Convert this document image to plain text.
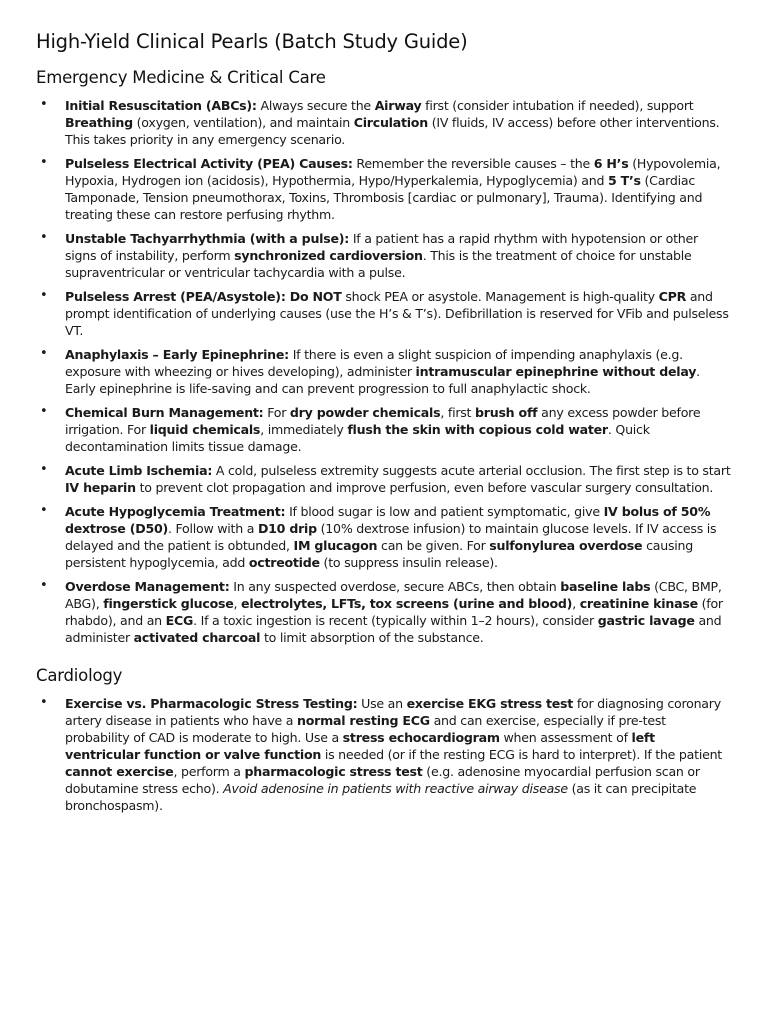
High-Yield Clinical Pearls (Batch Study Guide)
Emergency Medicine & Critical Care
• Initial Resuscitation (ABCs): Always secure the Airway first (consider intubation if needed), support Breathing (oxygen, ventilation), and maintain Circulation (IV fluids, IV access) before other interventions. This takes priority in any emergency scenario.
• Pulseless Electrical Activity (PEA) Causes: Remember the reversible causes – the 6 H’s (Hypovolemia, Hypoxia, Hydrogen ion (acidosis), Hypothermia, Hypo/Hyperkalemia, Hypoglycemia) and 5 T’s (Cardiac Tamponade, Tension pneumothorax, Toxins, Thrombosis [cardiac or pulmonary], Trauma). Identifying and treating these can restore perfusing rhythm.
• Unstable Tachyarrhythmia (with a pulse): If a patient has a rapid rhythm with hypotension or other signs of instability, perform synchronized cardioversion. This is the treatment of choice for unstable supraventricular or ventricular tachycardia with a pulse.
• Pulseless Arrest (PEA/Asystole): Do NOT shock PEA or asystole. Management is high-quality CPR and prompt identification of underlying causes (use the H’s & T’s). Defibrillation is reserved for VFib and pulseless VT.
• Anaphylaxis – Early Epinephrine: If there is even a slight suspicion of impending anaphylaxis (e.g. exposure with wheezing or hives developing), administer intramuscular epinephrine without delay. Early epinephrine is life-saving and can prevent progression to full anaphylactic shock.
• Chemical Burn Management: For dry powder chemicals, first brush off any excess powder before irrigation. For liquid chemicals, immediately flush the skin with copious cold water. Quick decontamination limits tissue damage.
• Acute Limb Ischemia: A cold, pulseless extremity suggests acute arterial occlusion. The first step is to start IV heparin to prevent clot propagation and improve perfusion, even before vascular surgery consultation.
• Acute Hypoglycemia Treatment: If blood sugar is low and patient symptomatic, give IV bolus of 50% dextrose (D50). Follow with a D10 drip (10% dextrose infusion) to maintain glucose levels. If IV access is delayed and the patient is obtunded, IM glucagon can be given. For sulfonylurea overdose causing persistent hypoglycemia, add octreotide (to suppress insulin release).
• Overdose Management: In any suspected overdose, secure ABCs, then obtain baseline labs (CBC, BMP, ABG), fingerstick glucose, electrolytes, LFTs, tox screens (urine and blood), creatinine kinase (for rhabdo), and an ECG. If a toxic ingestion is recent (typically within 1–2 hours), consider gastric lavage and administer activated charcoal to limit absorption of the substance.
Cardiology
• Exercise vs. Pharmacologic Stress Testing: Use an exercise EKG stress test for diagnosing coronary artery disease in patients who have a normal resting ECG and can exercise, especially if pre-test probability of CAD is moderate to high. Use a stress echocardiogram when assessment of left ventricular function or valve function is needed (or if the resting ECG is hard to interpret). If the patient cannot exercise, perform a pharmacologic stress test (e.g. adenosine myocardial perfusion scan or dobutamine stress echo). Avoid adenosine in patients with reactive airway disease (as it can precipitate bronchospasm).
